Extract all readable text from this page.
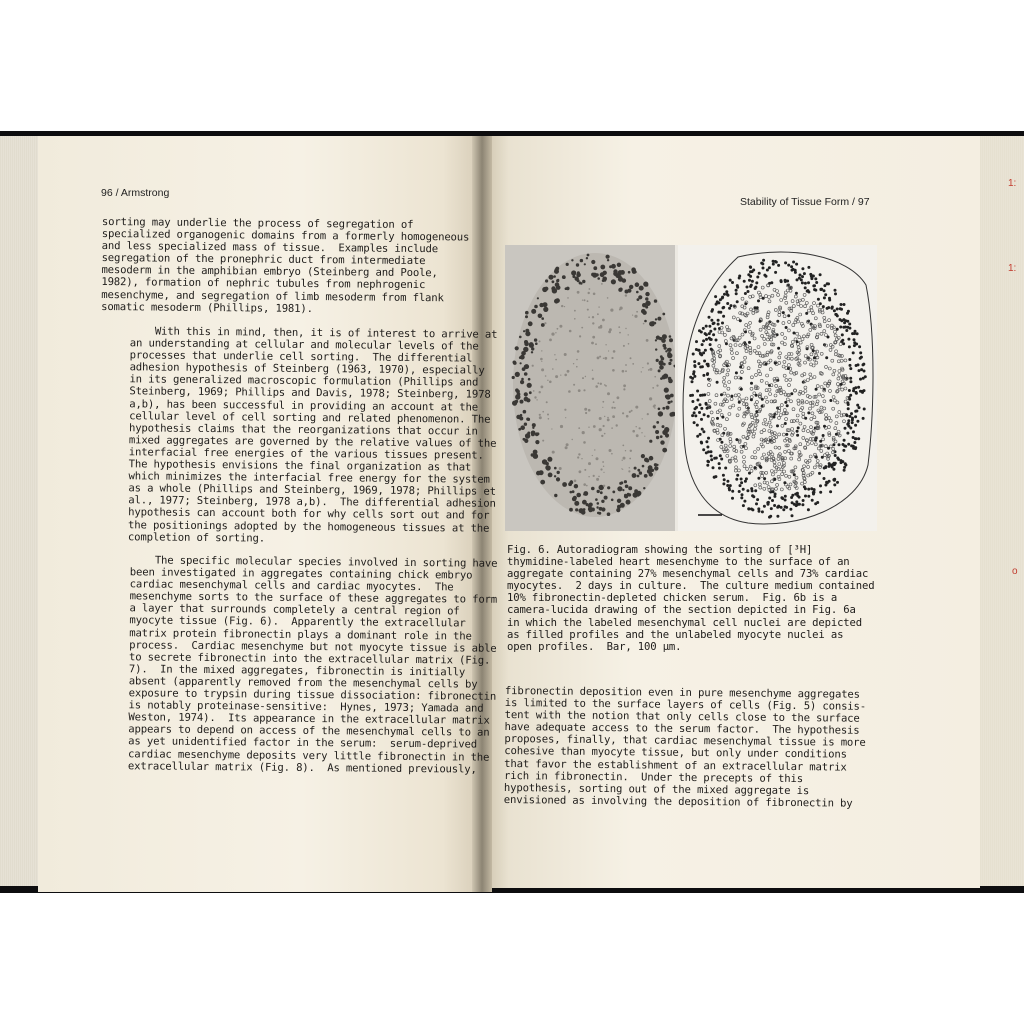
96 / Armstrong
Stability of Tissue Form / 97

sorting may underlie the process of segregation of
specialized organogenic domains from a formerly homogeneous
and less specialized mass of tissue.  Examples include
segregation of the pronephric duct from intermediate
mesoderm in the amphibian embryo (Steinberg and Poole,
1982), formation of nephric tubules from nephrogenic
mesenchyme, and segregation of limb mesoderm from flank
somatic mesoderm (Phillips, 1981).

With this in mind, then, it is of interest to arrive at
an understanding at cellular and molecular levels of the
processes that underlie cell sorting.  The differential
adhesion hypothesis of Steinberg (1963, 1970), especially
in its generalized macroscopic formulation (Phillips and
Steinberg, 1969; Phillips and Davis, 1978; Steinberg, 1978
a,b), has been successful in providing an account at the
cellular level of cell sorting and related phenomenon. The
hypothesis claims that the reorganizations that occur in
mixed aggregates are governed by the relative values of the
interfacial free energies of the various tissues present.
The hypothesis envisions the final organization as that
which minimizes the interfacial free energy for the system
as a whole (Phillips and Steinberg, 1969, 1978; Phillips et
al., 1977; Steinberg, 1978 a,b).  The differential adhesion
hypothesis can account both for why cells sort out and for
the positionings adopted by the homogeneous tissues at the
completion of sorting.

The specific molecular species involved in sorting have
been investigated in aggregates containing chick embryo
cardiac mesenchymal cells and cardiac myocytes.  The
mesenchyme sorts to the surface of these aggregates to form
a layer that surrounds completely a central region of
myocyte tissue (Fig. 6).  Apparently the extracellular
matrix protein fibronectin plays a dominant role in the
process.  Cardiac mesenchyme but not myocyte tissue is able
to secrete fibronectin into the extracellular matrix (Fig.
7).  In the mixed aggregates, fibronectin is initially
absent (apparently removed from the mesenchymal cells by
exposure to trypsin during tissue dissociation: fibronectin
is notably proteinase-sensitive:  Hynes, 1973; Yamada and
Weston, 1974).  Its appearance in the extracellular matrix
appears to depend on access of the mesenchymal cells to an
as yet unidentified factor in the serum:  serum-deprived
cardiac mesenchyme deposits very little fibronectin in the
extracellular matrix (Fig. 8).  As mentioned previously,

Fig. 6. Autoradiogram showing the sorting of [³H]
thymidine-labeled heart mesenchyme to the surface of an
aggregate containing 27% mesenchymal cells and 73% cardiac
myocytes.  2 days in culture.  The culture medium contained
10% fibronectin-depleted chicken serum.  Fig. 6b is a
camera-lucida drawing of the section depicted in Fig. 6a
in which the labeled mesenchymal cell nuclei are depicted
as filled profiles and the unlabeled myocyte nuclei as
open profiles.  Bar, 100 μm.
fibronectin deposition even in pure mesenchyme aggregates
is limited to the surface layers of cells (Fig. 5) consis-
tent with the notion that only cells close to the surface
have adequate access to the serum factor.  The hypothesis
proposes, finally, that cardiac mesenchymal tissue is more
cohesive than myocyte tissue, but only under conditions
that favor the establishment of an extracellular matrix
rich in fibronectin.  Under the precepts of this
hypothesis, sorting out of the mixed aggregate is
envisioned as involving the deposition of fibronectin by
1:
1:
o
